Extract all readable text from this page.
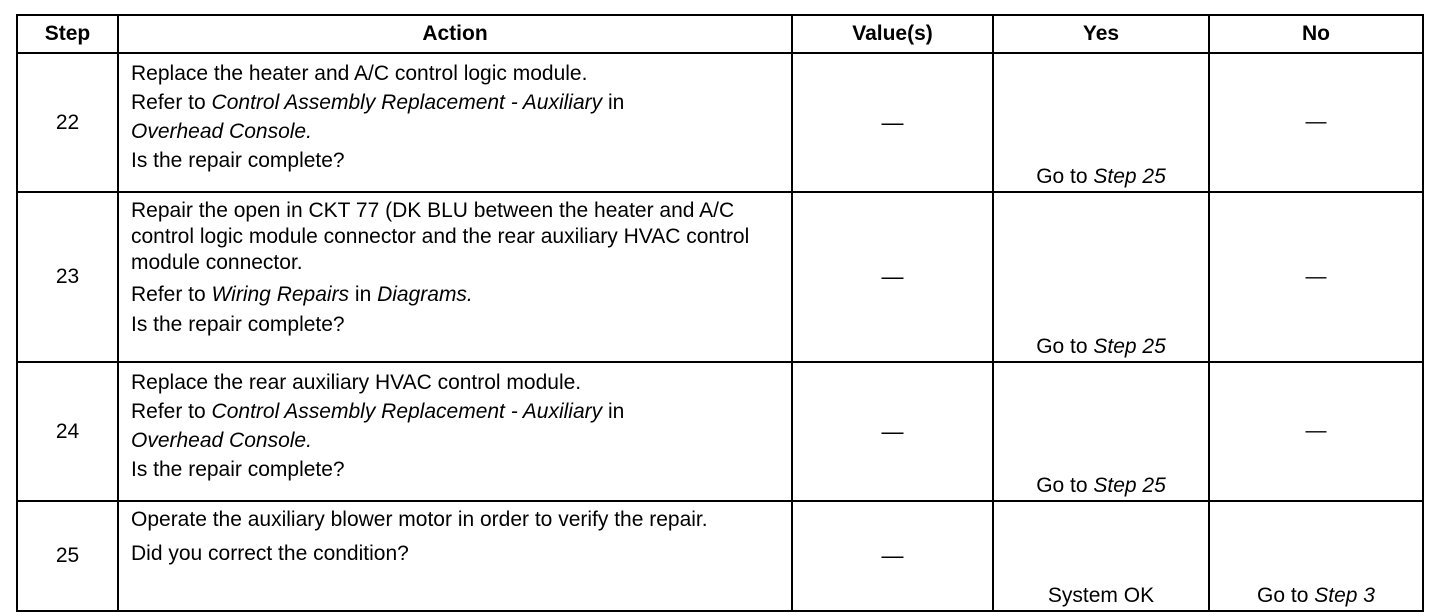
Step	Action	Value(s)	Yes	No
22	Replace the heater and A/C control logic module.
Refer to Control Assembly Replacement - Auxiliary in
Overhead Console.
Is the repair complete?	—	Go to Step 25	—
23	Repair the open in CKT 77 (DK BLU between the heater and A/C control logic module connector and the rear auxiliary HVAC control module connector.
Refer to Wiring Repairs in Diagrams.
Is the repair complete?	—	Go to Step 25	—
24	Replace the rear auxiliary HVAC control module.
Refer to Control Assembly Replacement - Auxiliary in
Overhead Console.
Is the repair complete?	—	Go to Step 25	—
25	Operate the auxiliary blower motor in order to verify the repair.
Did you correct the condition?	—	System OK	Go to Step 3
